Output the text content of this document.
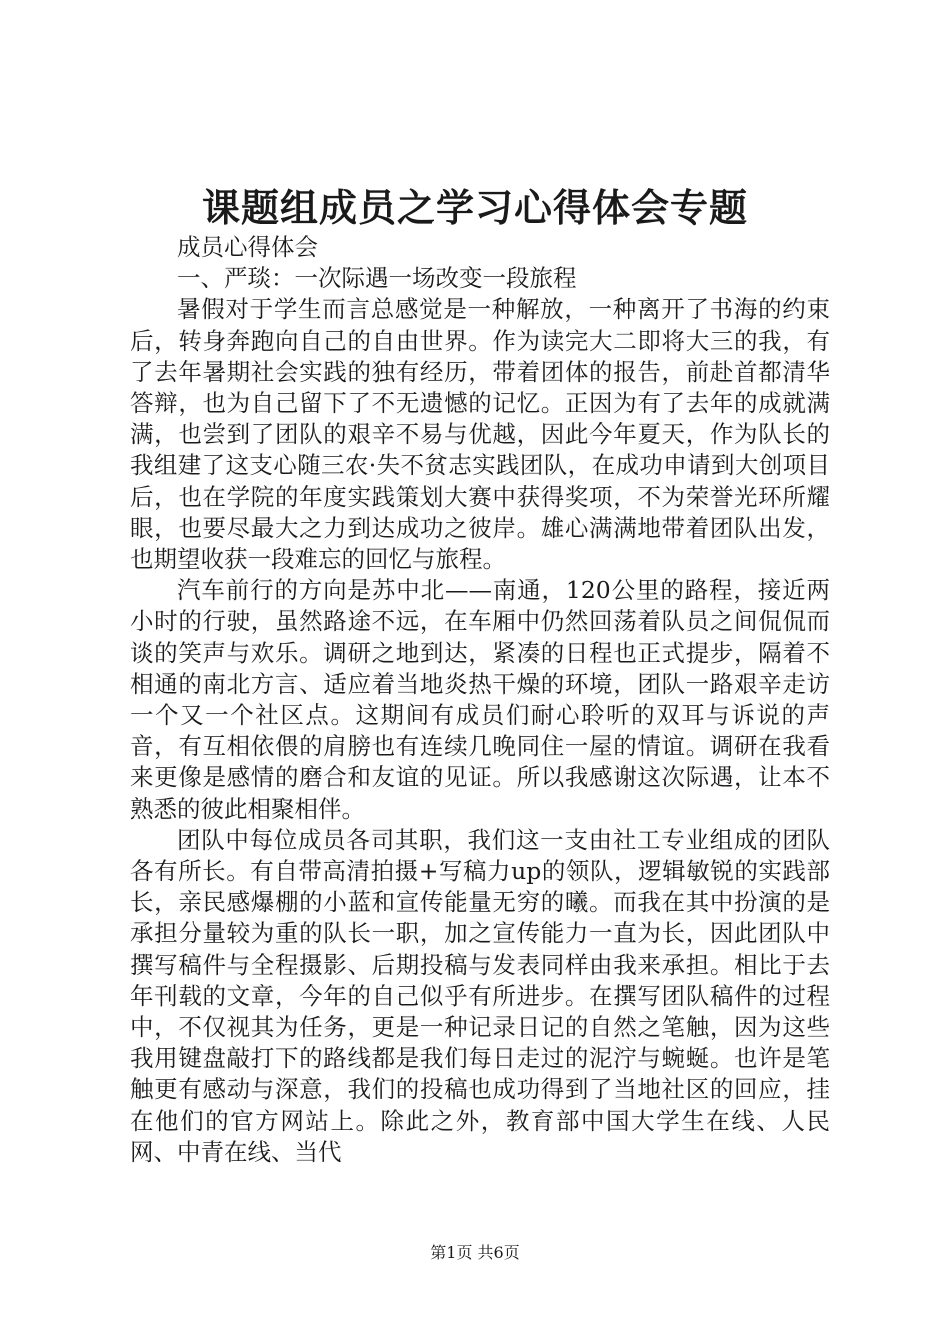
课题组成员之学习心得体会专题

成员心得体会

一、严琰：一次际遇一场改变一段旅程

暑假对于学生而言总感觉是一种解放，一种离开了书海的约束后，转身奔跑向自己的自由世界。作为读完大二即将大三的我，有了去年暑期社会实践的独有经历，带着团体的报告，前赴首都清华答辩，也为自己留下了不无遗憾的记忆。正因为有了去年的成就满满，也尝到了团队的艰辛不易与优越，因此今年夏天，作为队长的我组建了这支心随三农·失不贫志实践团队，在成功申请到大创项目后，也在学院的年度实践策划大赛中获得奖项，不为荣誉光环所耀眼，也要尽最大之力到达成功之彼岸。雄心满满地带着团队出发，也期望收获一段难忘的回忆与旅程。

汽车前行的方向是苏中北——南通，120公里的路程，接近两小时的行驶，虽然路途不远，在车厢中仍然回荡着队员之间侃侃而谈的笑声与欢乐。调研之地到达，紧凑的日程也正式提步，隔着不相通的南北方言、适应着当地炎热干燥的环境，团队一路艰辛走访一个又一个社区点。这期间有成员们耐心聆听的双耳与诉说的声音，有互相依偎的肩膀也有连续几晚同住一屋的情谊。调研在我看来更像是感情的磨合和友谊的见证。所以我感谢这次际遇，让本不熟悉的彼此相聚相伴。

团队中每位成员各司其职，我们这一支由社工专业组成的团队各有所长。有自带高清拍摄+写稿力up的领队，逻辑敏锐的实践部长，亲民感爆棚的小蓝和宣传能量无穷的曦。而我在其中扮演的是承担分量较为重的队长一职，加之宣传能力一直为长，因此团队中撰写稿件与全程摄影、后期投稿与发表同样由我来承担。相比于去年刊载的文章，今年的自己似乎有所进步。在撰写团队稿件的过程中，不仅视其为任务，更是一种记录日记的自然之笔触，因为这些我用键盘敲打下的路线都是我们每日走过的泥泞与蜿蜒。也许是笔触更有感动与深意，我们的投稿也成功得到了当地社区的回应，挂在他们的官方网站上。除此之外，教育部中国大学生在线、人民网、中青在线、当代

第1页 共6页
